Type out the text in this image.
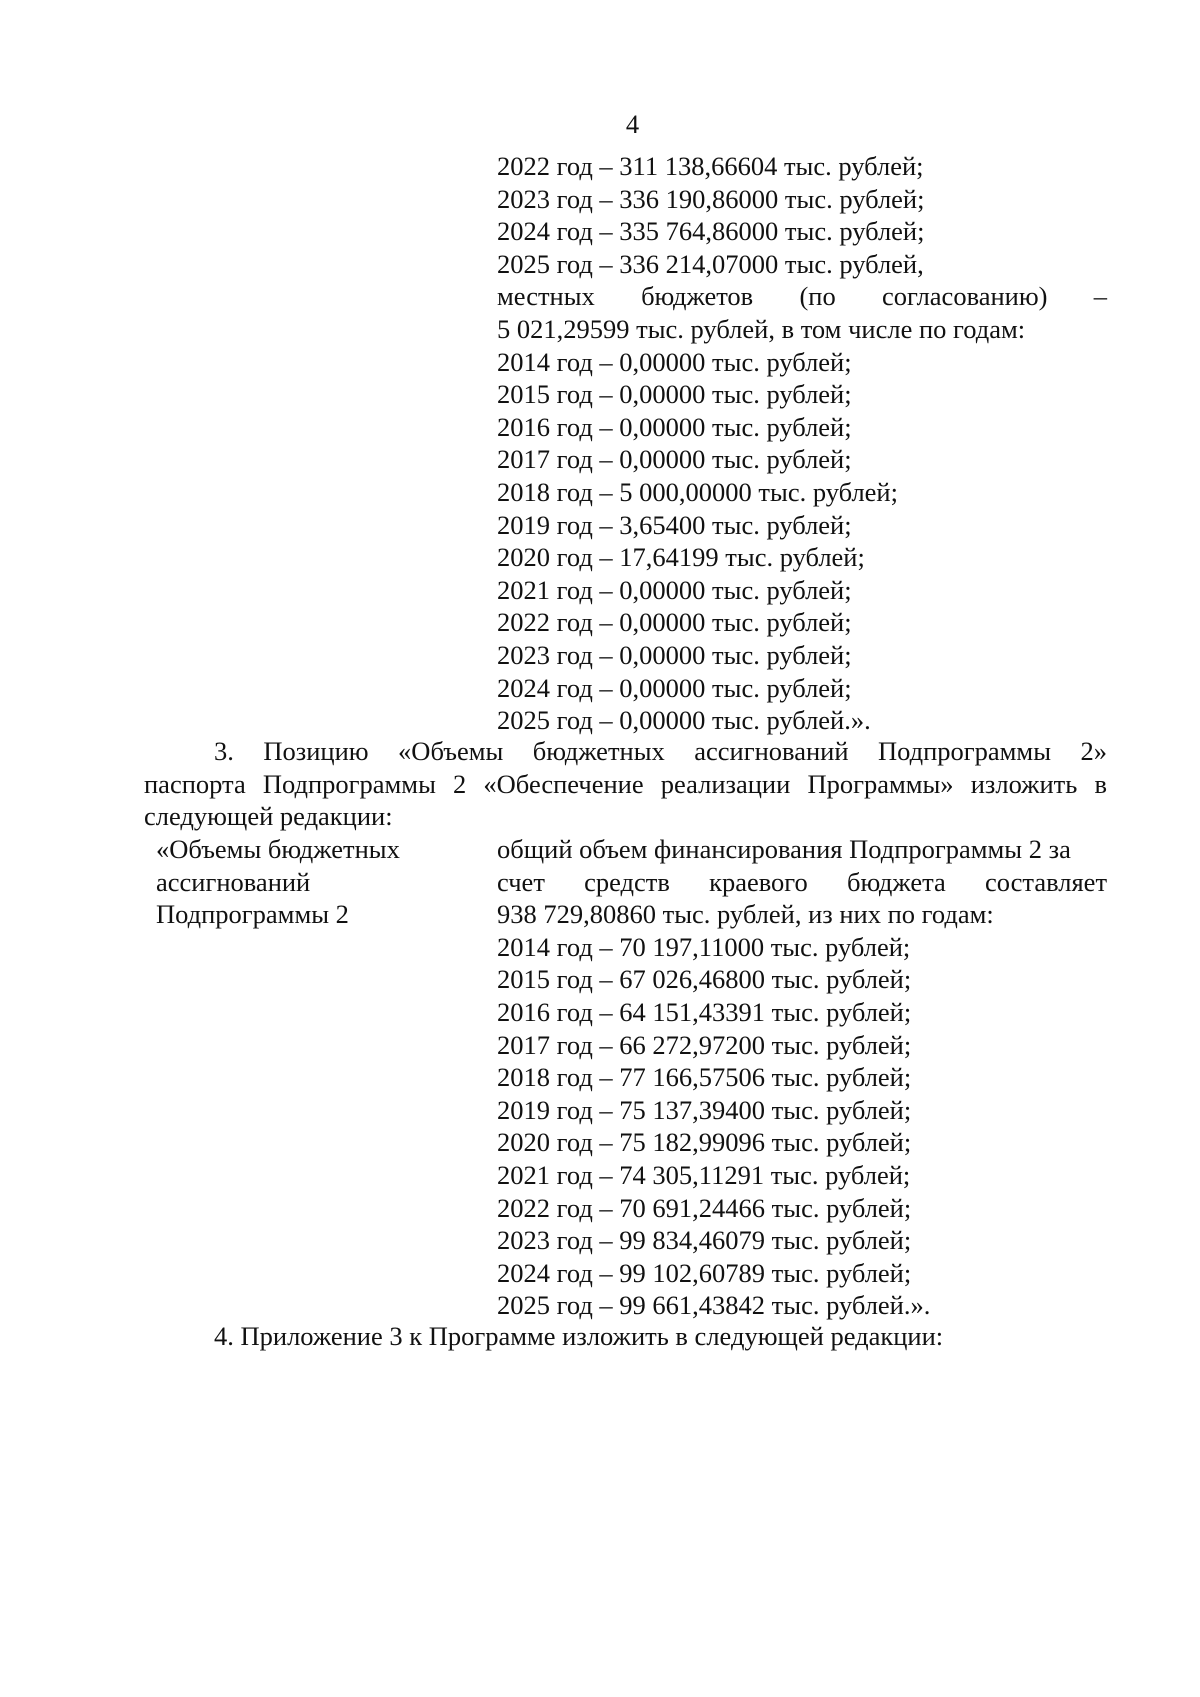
4
2022 год – 311 138,66604 тыс. рублей;
2023 год – 336 190,86000 тыс. рублей;
2024 год – 335 764,86000 тыс. рублей;
2025 год – 336 214,07000 тыс. рублей,
местных бюджетов (по согласованию) –
5 021,29599 тыс. рублей, в том числе по годам:
2014 год – 0,00000 тыс. рублей;
2015 год – 0,00000 тыс. рублей;
2016 год – 0,00000 тыс. рублей;
2017 год – 0,00000 тыс. рублей;
2018 год – 5 000,00000 тыс. рублей;
2019 год – 3,65400 тыс. рублей;
2020 год – 17,64199 тыс. рублей;
2021 год – 0,00000 тыс. рублей;
2022 год – 0,00000 тыс. рублей;
2023 год – 0,00000 тыс. рублей;
2024 год – 0,00000 тыс. рублей;
2025 год – 0,00000 тыс. рублей.».
3. Позицию «Объемы бюджетных ассигнований Подпрограммы 2»
паспорта Подпрограммы 2 «Обеспечение реализации Программы» изложить в
следующей редакции:
«Объемы бюджетных
ассигнований
Подпрограммы 2
общий объем финансирования Подпрограммы 2 за
счет средств краевого бюджета составляет
938 729,80860 тыс. рублей, из них по годам:
2014 год – 70 197,11000 тыс. рублей;
2015 год – 67 026,46800 тыс. рублей;
2016 год – 64 151,43391 тыс. рублей;
2017 год – 66 272,97200 тыс. рублей;
2018 год – 77 166,57506 тыс. рублей;
2019 год – 75 137,39400 тыс. рублей;
2020 год – 75 182,99096 тыс. рублей;
2021 год – 74 305,11291 тыс. рублей;
2022 год – 70 691,24466 тыс. рублей;
2023 год – 99 834,46079 тыс. рублей;
2024 год – 99 102,60789 тыс. рублей;
2025 год – 99 661,43842 тыс. рублей.».
4. Приложение 3 к Программе изложить в следующей редакции:
